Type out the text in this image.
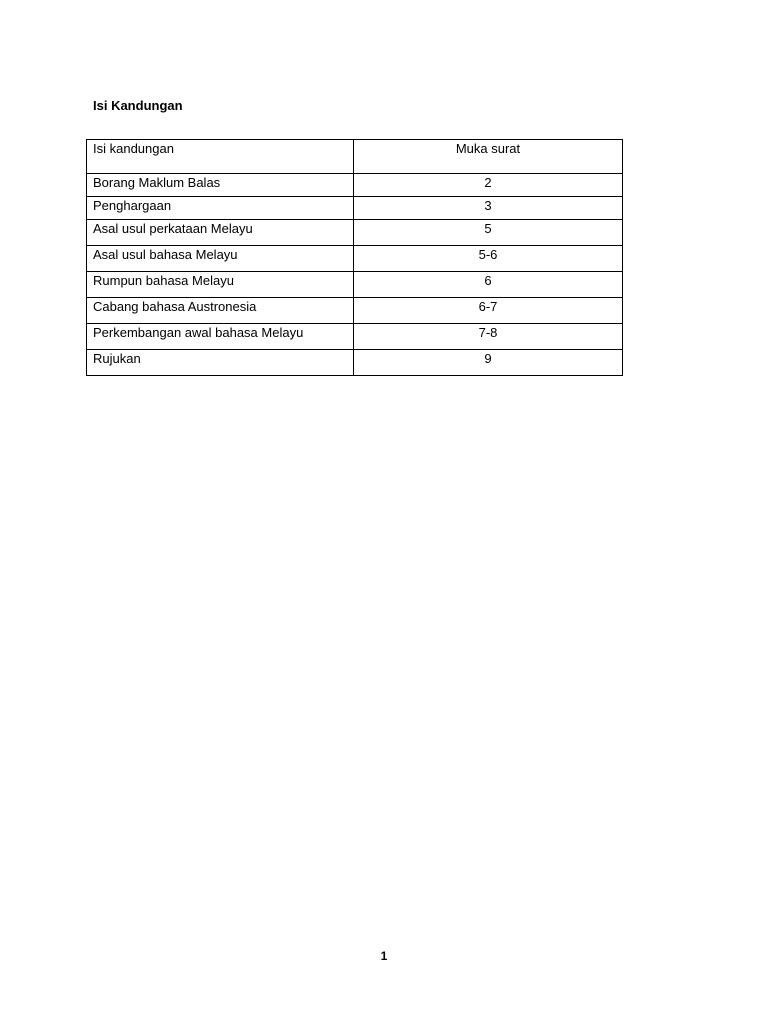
Isi Kandungan
Isi kandungan	Muka surat
Borang Maklum Balas	2
Penghargaan	3
Asal usul perkataan Melayu	5
Asal usul bahasa Melayu	5-6
Rumpun bahasa Melayu	6
Cabang bahasa Austronesia	6-7
Perkembangan awal bahasa Melayu	7-8
Rujukan	9
1
